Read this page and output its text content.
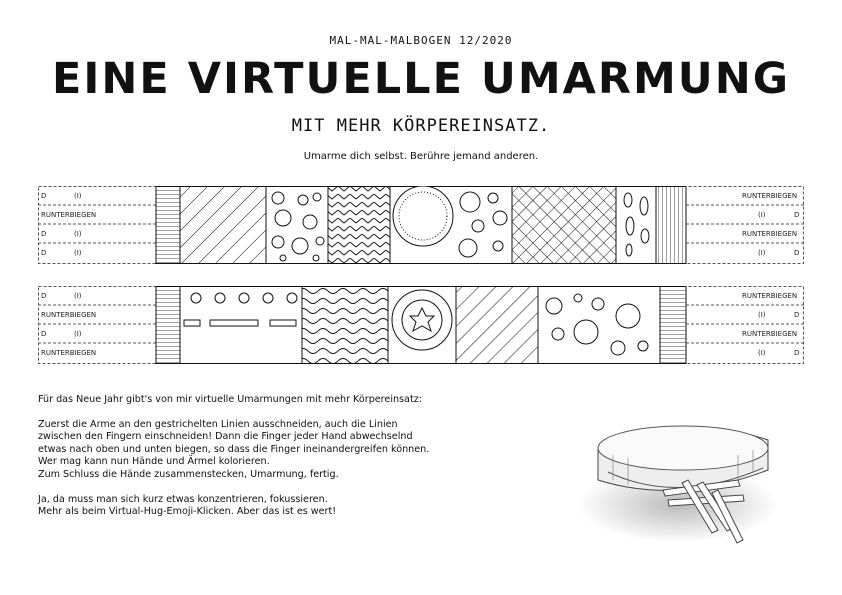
MAL-MAL-MALBOGEN 12/2020
EINE VIRTUELLE UMARMUNG
MIT MEHR KÖRPEREINSATZ.
Umarme dich selbst. Berühre jemand anderen.
D	(I)
RUNTERBIEGEN
D	(I)
D	(I)
RUNTERBIEGEN
(I)	D
RUNTERBIEGEN
(I)	D
D	(I)
RUNTERBIEGEN
D	(I)
RUNTERBIEGEN
RUNTERBIEGEN
(I)	D
RUNTERBIEGEN
(I)	D

Für das Neue Jahr gibt's von mir virtuelle Umarmungen mit mehr Körpereinsatz:

Zuerst die Arme an den gestrichelten Linien ausschneiden, auch die Linien
zwischen den Fingern einschneiden! Dann die Finger jeder Hand abwechselnd
etwas nach oben und unten biegen, so dass die Finger ineinandergreifen können.
Wer mag kann nun Hände und Ärmel kolorieren.
Zum Schluss die Hände zusammenstecken, Umarmung, fertig.

Ja, da muss man sich kurz etwas konzentrieren, fokussieren.
Mehr als beim Virtual-Hug-Emoji-Klicken. Aber das ist es wert!
